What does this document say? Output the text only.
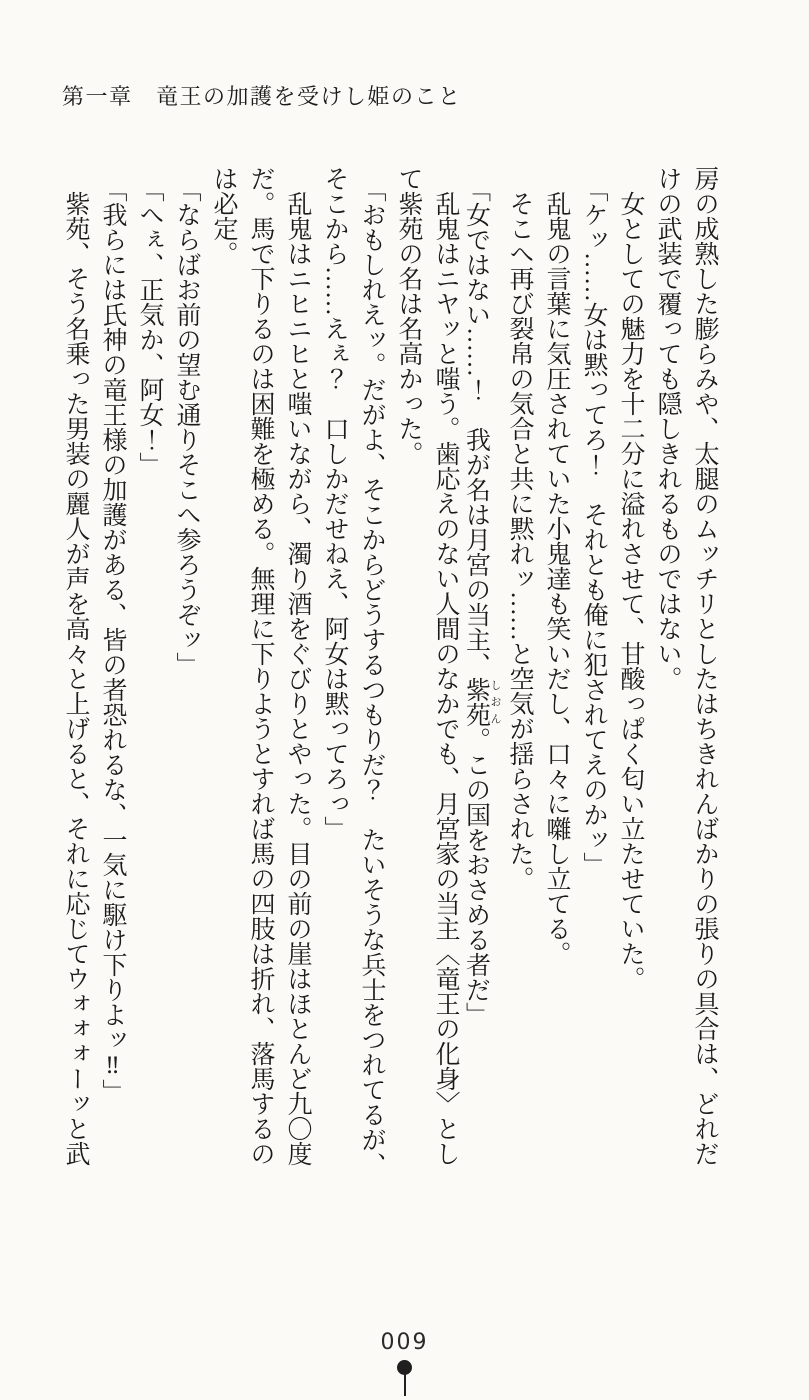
第一章　竜王の加護を受けし姫のこと
房の成熟した膨らみや、太腿のムッチリとしたはちきれんばかりの張りの具合は、どれだ
けの武装で覆っても隠しきれるものではない。
女としての魅力を十二分に溢れさせて、甘酸っぱく匂い立たせていた。
「ケッ……女は黙ってろ！　それとも俺に犯されてえのかッ」
乱鬼の言葉に気圧されていた小鬼達も笑いだし、口々に囃し立てる。
そこへ再び裂帛の気合と共に黙れッ……と空気が揺らされた。
「女ではない……！　我が名は月宮の当主、紫苑 しおん。この国をおさめる者だ」
乱鬼はニヤッと嗤う。歯応えのない人間のなかでも、月宮家の当主〈竜王の化身〉とし
て紫苑の名は名高かった。
「おもしれえッ。だがよ、そこからどうするつもりだ？　たいそうな兵士をつれてるが、
そこから……えぇ？　口しかだせねえ、阿女は黙ってろっ」
乱鬼はニヒニヒと嗤いながら、濁り酒をぐびりとやった。目の前の崖はほとんど九〇度
だ。馬で下りるのは困難を極める。無理に下りようとすれば馬の四肢は折れ、落馬するの
は必定。
「ならばお前の望む通りそこへ参ろうぞッ」
「へぇ、正気か、阿女！」
「我らには氏神の竜王様の加護がある、皆の者恐れるな、一気に駆け下りよッ‼」
紫苑、そう名乗った男装の麗人が声を高々と上げると、それに応じてウォォォーッと武
009
